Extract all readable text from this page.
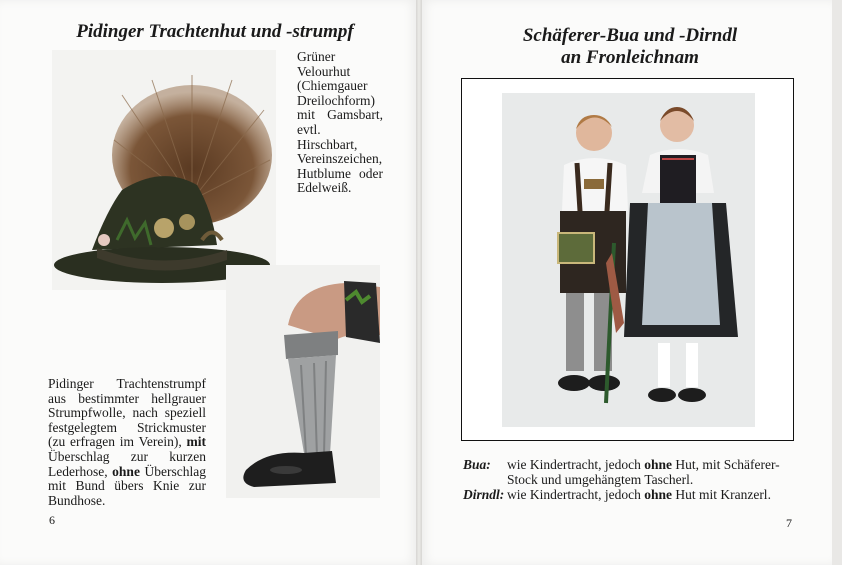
Pidinger Trachtenhut und -strumpf
Grüner Velourhut (Chiemgauer Dreilochform) mit Gamsbart, evtl. Hirschbart, Vereinszeichen, Hutblume oder Edelweiß.
Pidinger Trachtenstrumpf aus bestimmter hellgrauer Strumpfwolle, nach speziell festgelegtem Strickmuster (zu erfragen im Verein), mit Überschlag zur kurzen Lederhose, ohne Überschlag mit Bund übers Knie zur Bundhose.
6
Schäferer-Bua und -Dirndl
an Fronleichnam
Bua: wie Kindertracht, jedoch ohne Hut, mit Schäferer-Stock und umgehängtem Tascherl.
Dirndl: wie Kindertracht, jedoch ohne Hut mit Kranzerl.
7
